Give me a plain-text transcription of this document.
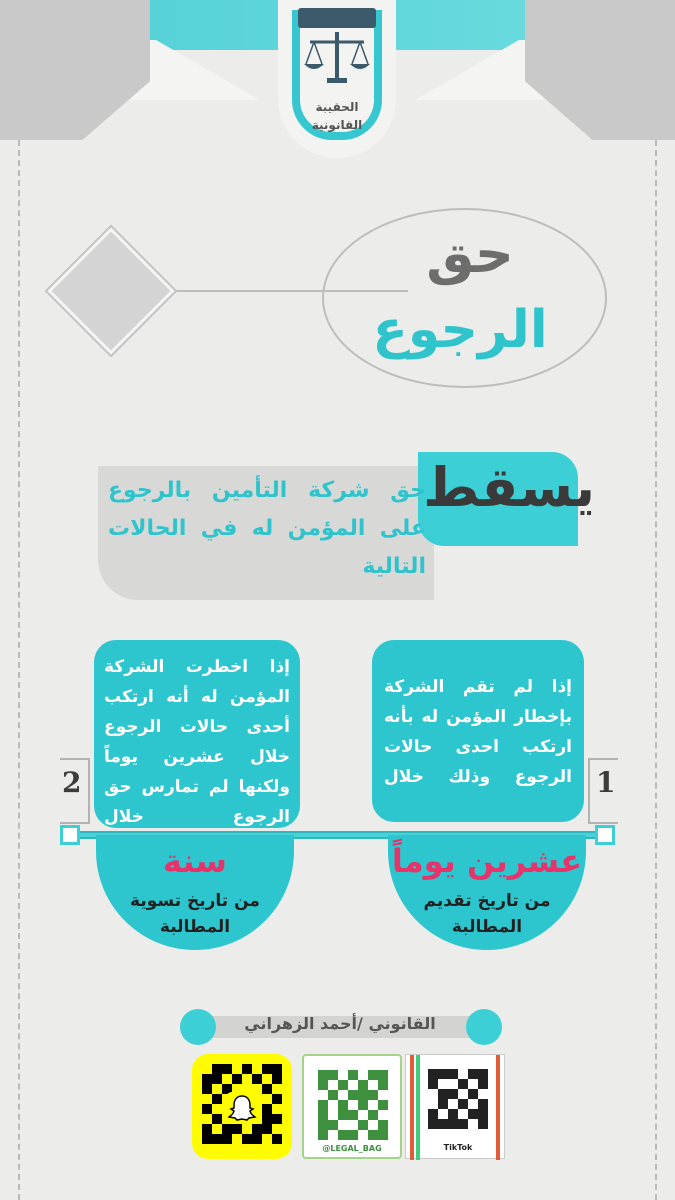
الحقيبة
القانونية
حق
الرجوع
يسقط
حق شركة التأمين بالرجوع على المؤمن له في الحالات التالية
1
إذا لم تقم الشركة بإخطار المؤمن له بأنه ارتكب احدى حالات الرجوع وذلك خلال
2
إذا اخطرت الشركة المؤمن له أنه ارتكب أحدى حالات الرجوع خلال عشرين يوماً ولكنها لم تمارس حق الرجوع خلال
عشرين يوماً
من تاريخ تقديم المطالبة
سنة
من تاريخ تسوية المطالبة
القانوني /أحمد الزهراني
@LEGAL_BAG	TikTok
